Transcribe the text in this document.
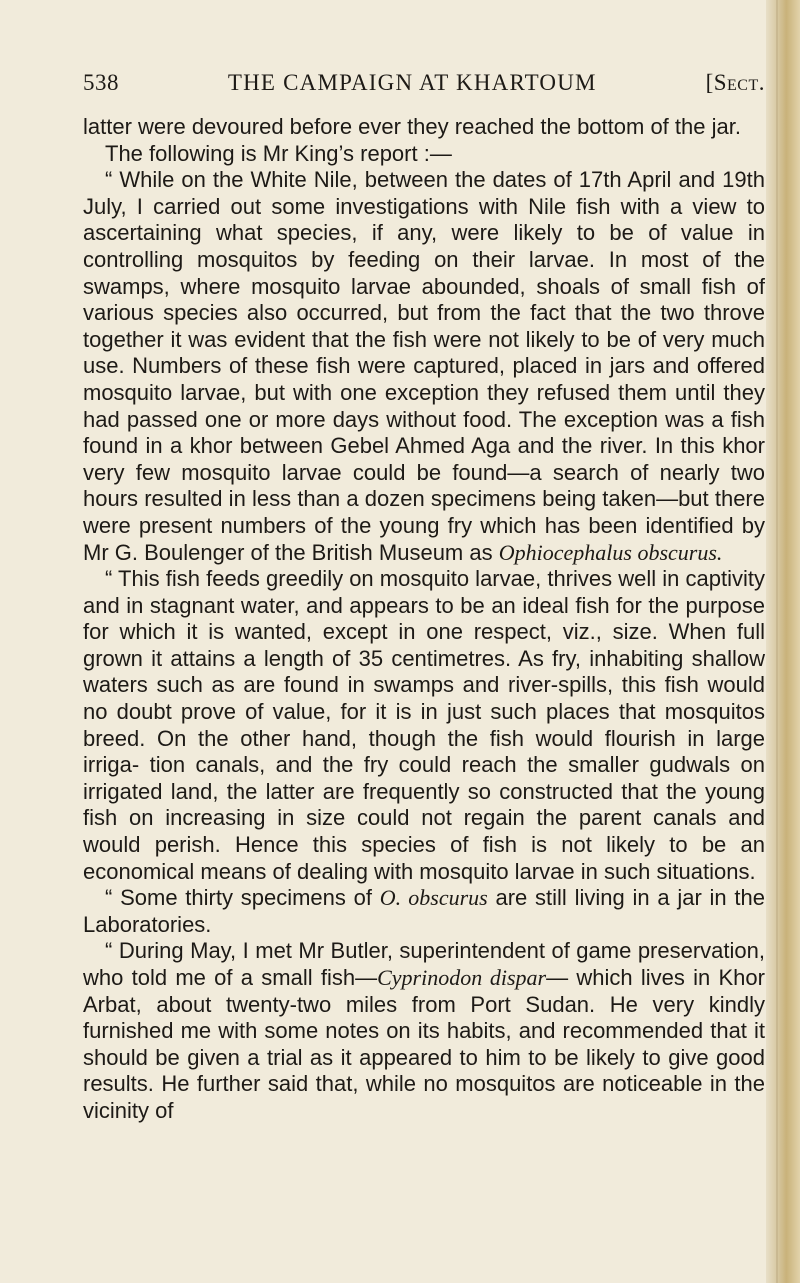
538	THE CAMPAIGN AT KHARTOUM	[Sect.

latter were devoured before ever they reached the bottom of the jar.

The following is Mr King’s report :—

“ While on the White Nile, between the dates of 17th April and 19th July, I carried out some investigations with Nile fish with a view to ascertaining what species, if any, were likely to be of value in controlling mosquitos by feeding on their larvae. In most of the swamps, where mosquito larvae abounded, shoals of small fish of various species also occurred, but from the fact that the two throve together it was evident that the fish were not likely to be of very much use. Numbers of these fish were captured, placed in jars and offered mosquito larvae, but with one exception they refused them until they had passed one or more days without food. The exception was a fish found in a khor between Gebel Ahmed Aga and the river. In this khor very few mosquito larvae could be found—a search of nearly two hours resulted in less than a dozen specimens being taken—but there were present numbers of the young fry which has been identified by Mr G. Boulenger of the British Museum as Ophiocephalus obscurus.

“ This fish feeds greedily on mosquito larvae, thrives well in captivity and in stagnant water, and appears to be an ideal fish for the purpose for which it is wanted, except in one respect, viz., size. When full grown it attains a length of 35 centimetres. As fry, inhabiting shallow waters such as are found in swamps and river-spills, this fish would no doubt prove of value, for it is in just such places that mosquitos breed. On the other hand, though the fish would flourish in large irriga- tion canals, and the fry could reach the smaller gudwals on irrigated land, the latter are frequently so constructed that the young fish on increasing in size could not regain the parent canals and would perish. Hence this species of fish is not likely to be an economical means of dealing with mosquito larvae in such situations.

“ Some thirty specimens of O. obscurus are still living in a jar in the Laboratories.

“ During May, I met Mr Butler, superintendent of game preservation, who told me of a small fish—Cyprinodon dispar— which lives in Khor Arbat, about twenty-two miles from Port Sudan. He very kindly furnished me with some notes on its habits, and recommended that it should be given a trial as it appeared to him to be likely to give good results. He further said that, while no mosquitos are noticeable in the vicinity of
